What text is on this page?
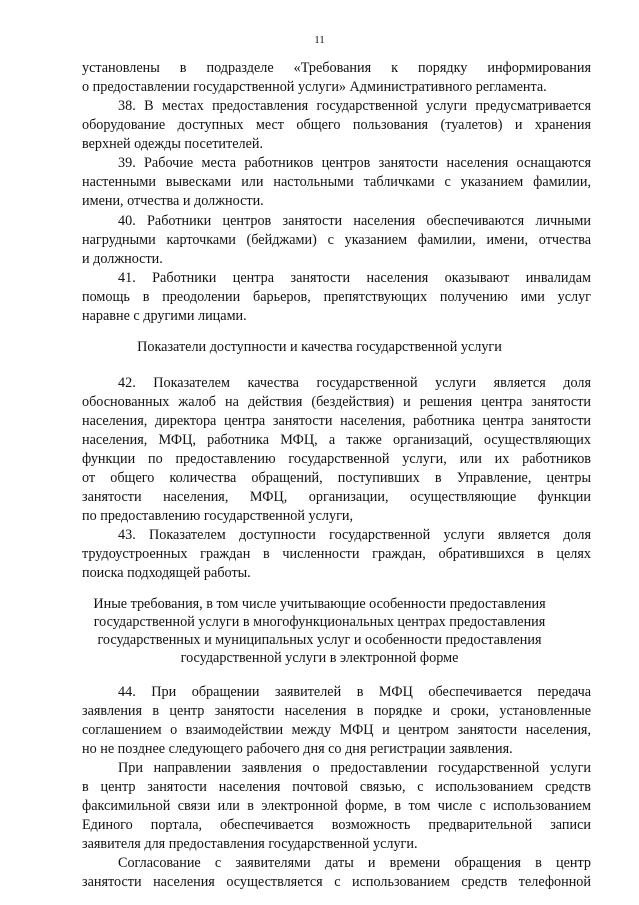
11
установлены в подразделе «Требования к порядку информирования
о предоставлении государственной услуги» Административного регламента.
38. В местах предоставления государственной услуги предусматривается
оборудование доступных мест общего пользования (туалетов) и хранения
верхней одежды посетителей.
39. Рабочие места работников центров занятости населения оснащаются
настенными вывесками или настольными табличками с указанием фамилии,
имени, отчества и должности.
40. Работники центров занятости населения обеспечиваются личными
нагрудными карточками (бейджами) с указанием фамилии, имени, отчества
и должности.
41. Работники центра занятости населения оказывают инвалидам
помощь в преодолении барьеров, препятствующих получению ими услуг
наравне с другими лицами.
Показатели доступности и качества государственной услуги
42. Показателем качества государственной услуги является доля
обоснованных жалоб на действия (бездействия) и решения центра занятости
населения, директора центра занятости населения, работника центра занятости
населения, МФЦ, работника МФЦ, а также организаций, осуществляющих
функции по предоставлению государственной услуги, или их работников
от общего количества обращений, поступивших в Управление, центры
занятости населения, МФЦ, организации, осуществляющие функции
по предоставлению государственной услуги,
43. Показателем доступности государственной услуги является доля
трудоустроенных граждан в численности граждан, обратившихся в целях
поиска подходящей работы.
Иные требования, в том числе учитывающие особенности предоставления
государственной услуги в многофункциональных центрах предоставления
государственных и муниципальных услуг и особенности предоставления
государственной услуги в электронной форме
44. При обращении заявителей в МФЦ обеспечивается передача
заявления в центр занятости населения в порядке и сроки, установленные
соглашением о взаимодействии между МФЦ и центром занятости населения,
но не позднее следующего рабочего дня со дня регистрации заявления.
При направлении заявления о предоставлении государственной услуги
в центр занятости населения почтовой связью, с использованием средств
факсимильной связи или в электронной форме, в том числе с использованием
Единого портала, обеспечивается возможность предварительной записи
заявителя для предоставления государственной услуги.
Согласование с заявителями даты и времени обращения в центр
занятости населения осуществляется с использованием средств телефонной
